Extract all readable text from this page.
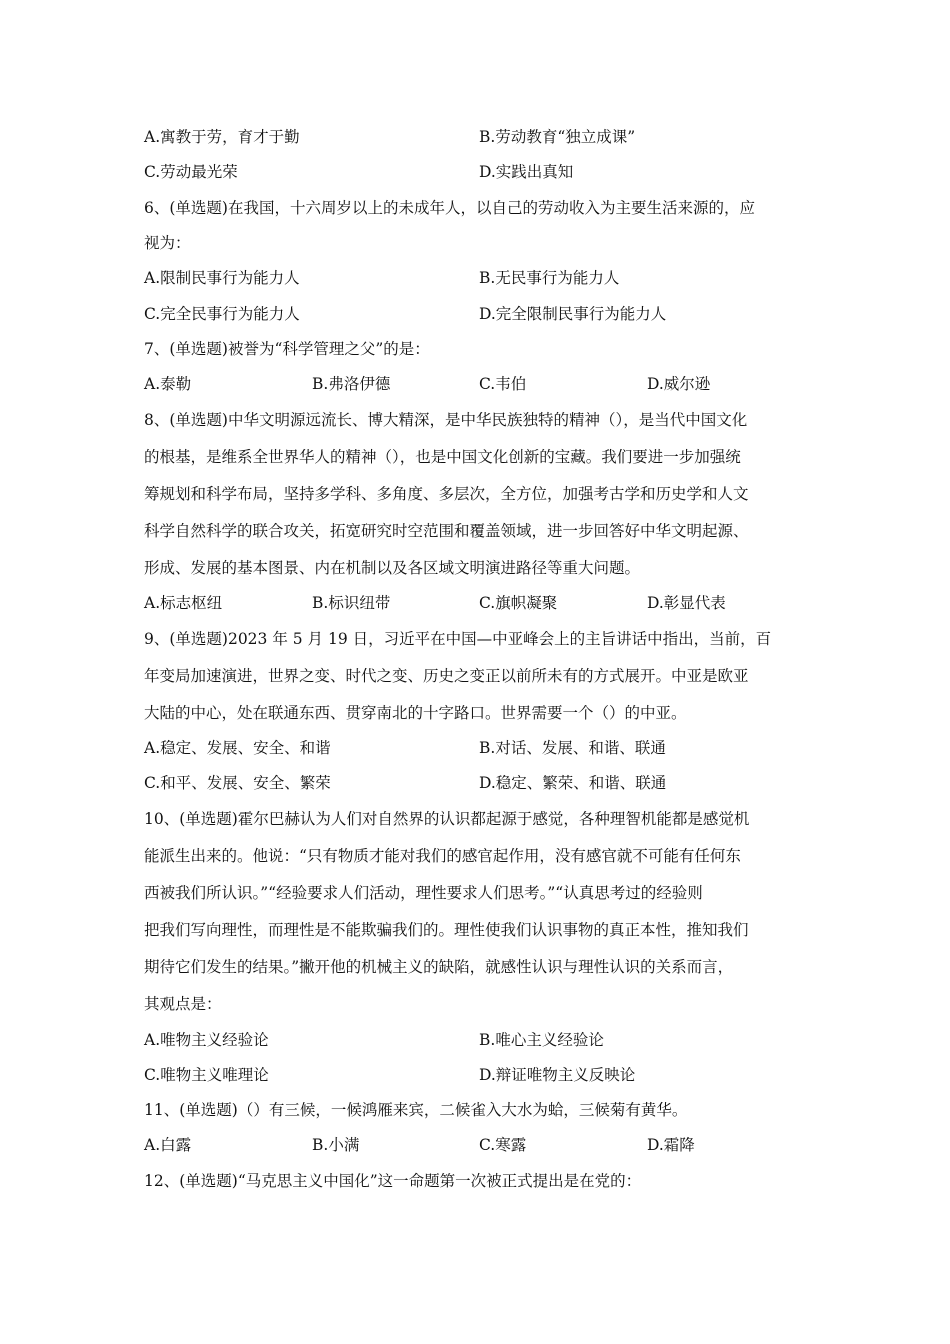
A.寓教于劳，育才于勤	B.劳动教育“独立成课”
C.劳动最光荣	D.实践出真知
6、(单选题)在我国，十六周岁以上的未成年人，以自己的劳动收入为主要生活来源的，应
视为：
A.限制民事行为能力人	B.无民事行为能力人
C.完全民事行为能力人	D.完全限制民事行为能力人
7、(单选题)被誉为“科学管理之父”的是：
A.泰勒	B.弗洛伊德	C.韦伯	D.威尔逊
8、(单选题)中华文明源远流长、博大精深，是中华民族独特的精神（），是当代中国文化
的根基，是维系全世界华人的精神（），也是中国文化创新的宝藏。我们要进一步加强统
筹规划和科学布局，坚持多学科、多角度、多层次，全方位，加强考古学和历史学和人文
科学自然科学的联合攻关，拓宽研究时空范围和覆盖领域，进一步回答好中华文明起源、
形成、发展的基本图景、内在机制以及各区域文明演进路径等重大问题。
A.标志枢纽	B.标识纽带	C.旗帜凝聚	D.彰显代表
9、(单选题)2023 年 5 月 19 日，习近平在中国—中亚峰会上的主旨讲话中指出，当前，百
年变局加速演进，世界之变、时代之变、历史之变正以前所未有的方式展开。中亚是欧亚
大陆的中心，处在联通东西、贯穿南北的十字路口。世界需要一个（）的中亚。
A.稳定、发展、安全、和谐	B.对话、发展、和谐、联通
C.和平、发展、安全、繁荣	D.稳定、繁荣、和谐、联通
10、(单选题)霍尔巴赫认为人们对自然界的认识都起源于感觉，各种理智机能都是感觉机
能派生出来的。他说：“只有物质才能对我们的感官起作用，没有感官就不可能有任何东
西被我们所认识。”“经验要求人们活动，理性要求人们思考。”“认真思考过的经验则
把我们写向理性，而理性是不能欺骗我们的。理性使我们认识事物的真正本性，推知我们
期待它们发生的结果。”撇开他的机械主义的缺陷，就感性认识与理性认识的关系而言，
其观点是：
A.唯物主义经验论	B.唯心主义经验论
C.唯物主义唯理论	D.辩证唯物主义反映论
11、(单选题)（）有三候，一候鸿雁来宾，二候雀入大水为蛤，三候菊有黄华。
A.白露	B.小满	C.寒露	D.霜降
12、(单选题)“马克思主义中国化”这一命题第一次被正式提出是在党的：
